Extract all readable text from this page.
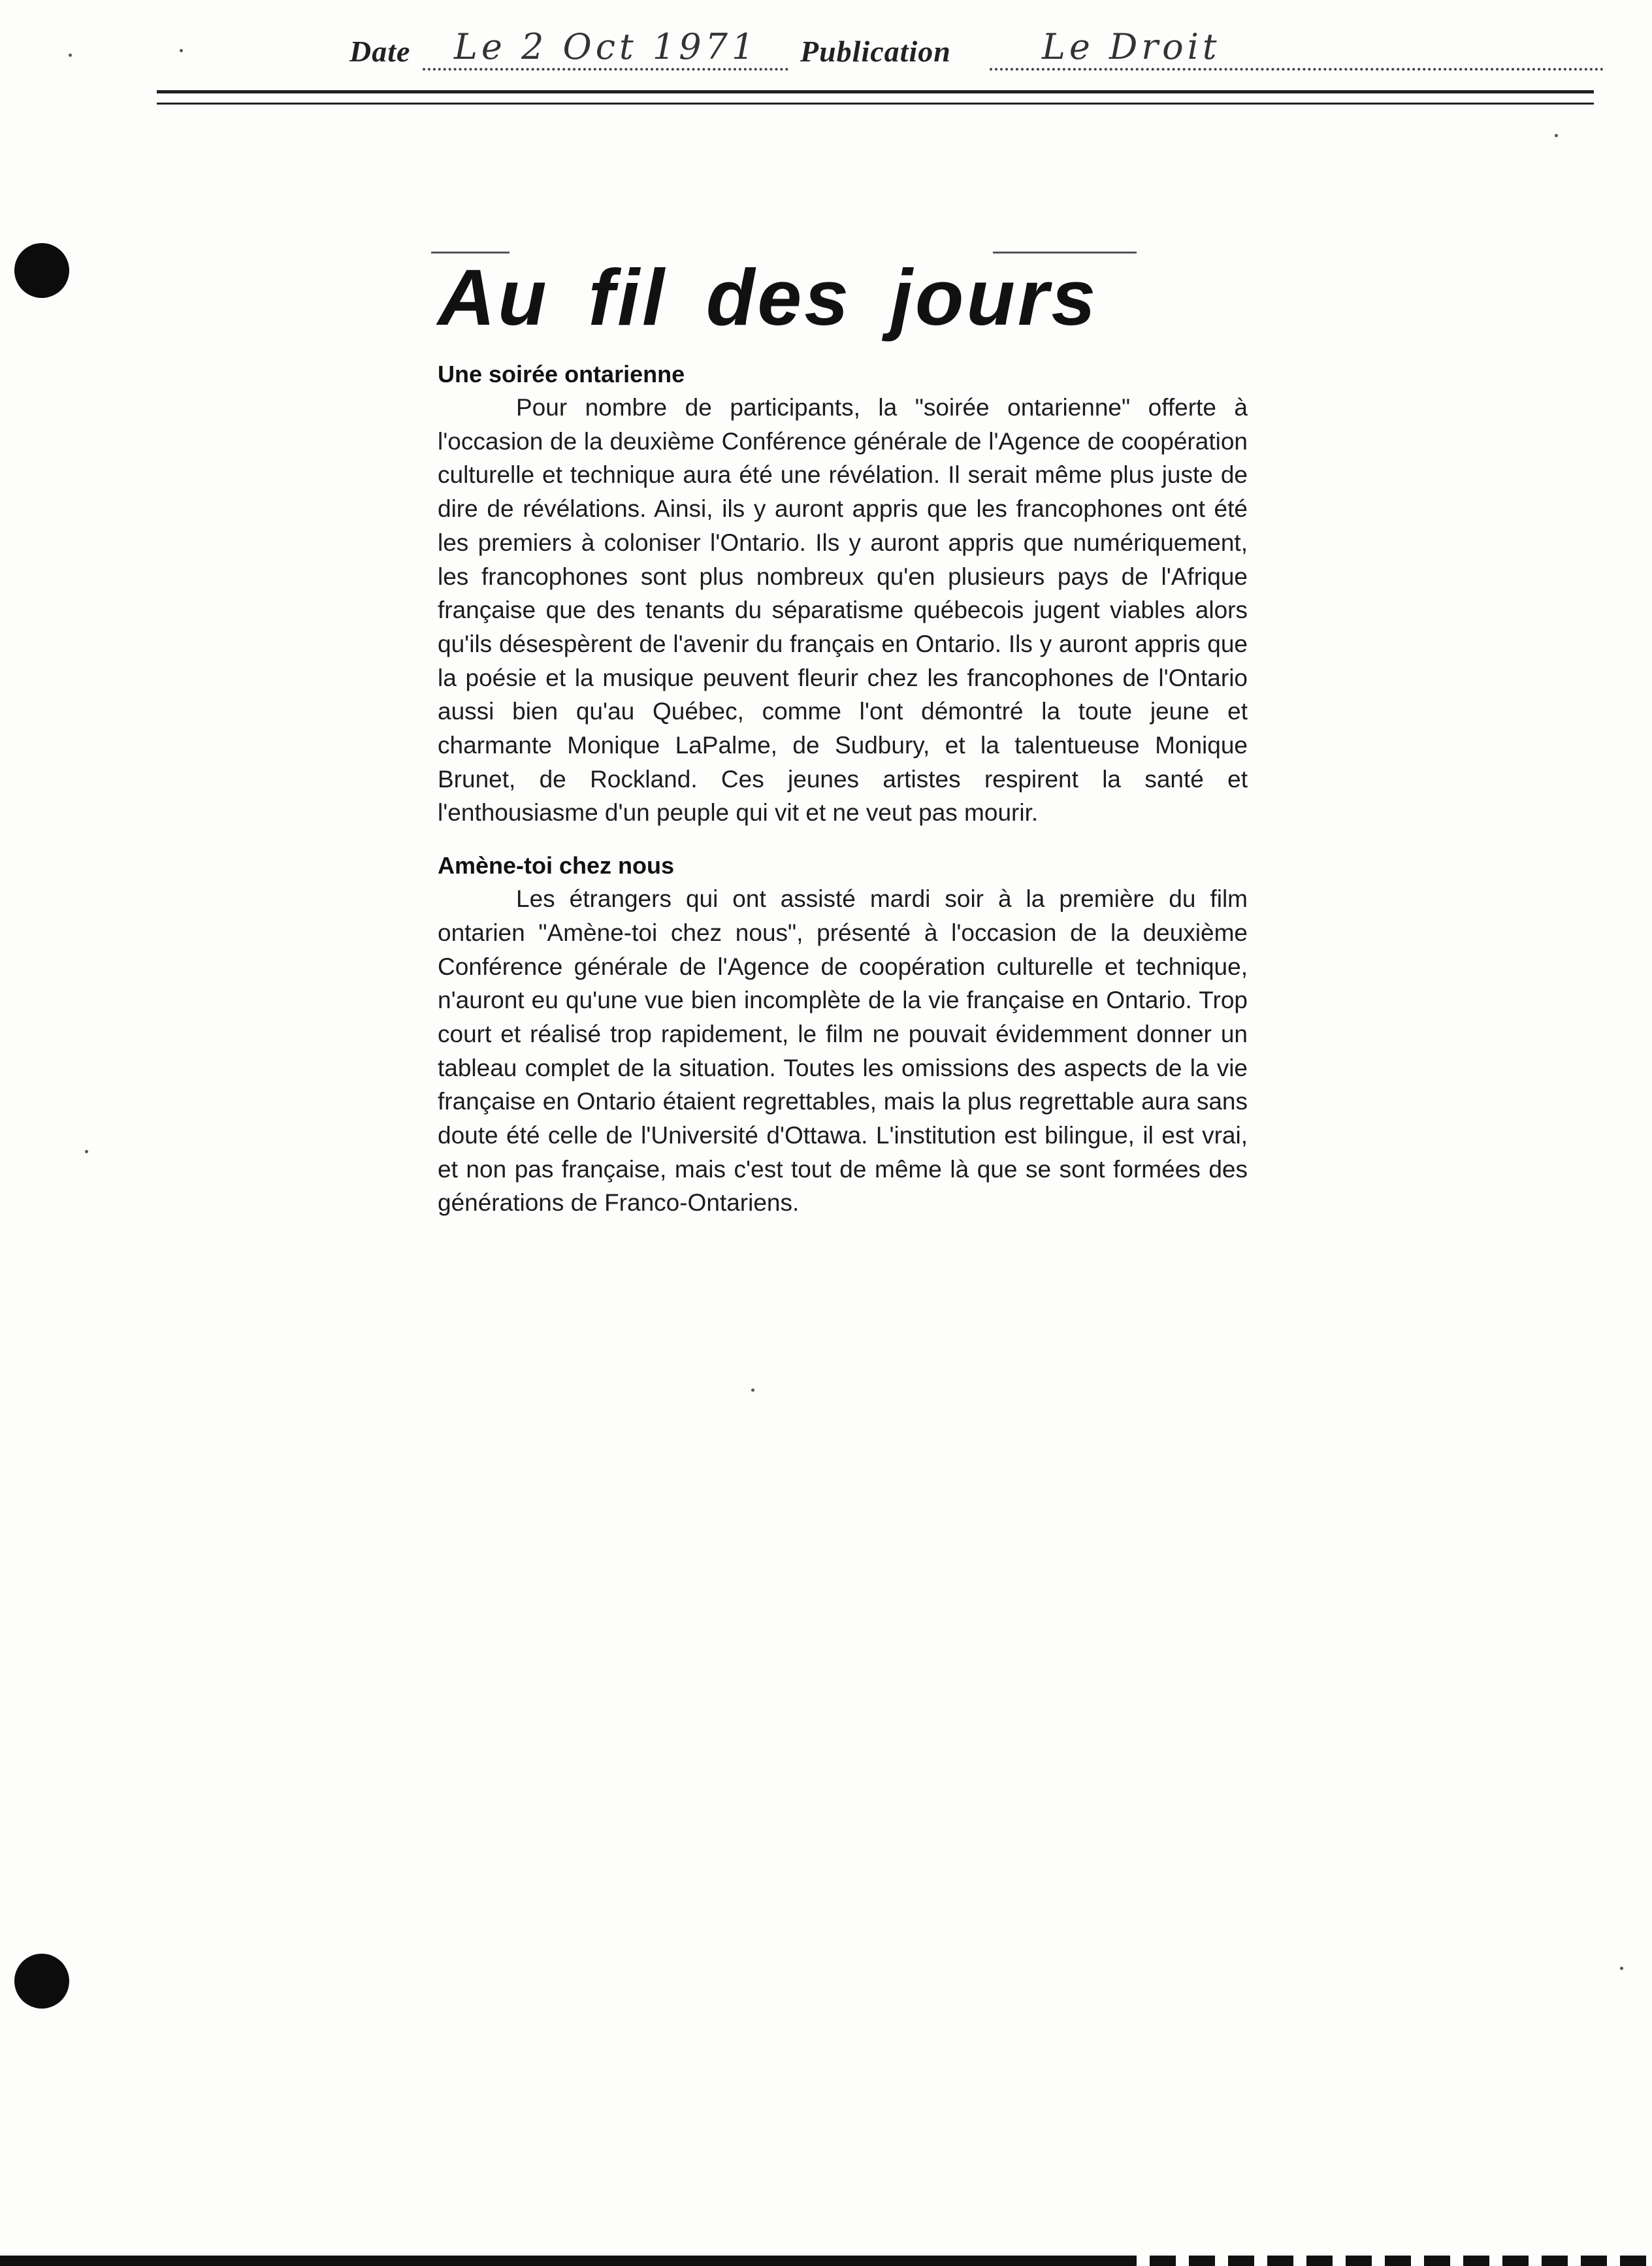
Date Le 2 Oct 1971 Publication	Le Droit
Au fil des jours
Une soirée ontarienne

Pour nombre de participants, la "soirée ontarienne" offerte à l'occasion de la deuxième Conférence générale de l'Agence de coopération culturelle et technique aura été une révélation. Il serait même plus juste de dire de révélations. Ainsi, ils y auront appris que les francophones ont été les premiers à coloniser l'Ontario. Ils y auront appris que numériquement, les francophones sont plus nombreux qu'en plusieurs pays de l'Afrique française que des tenants du séparatisme québecois jugent viables alors qu'ils désespèrent de l'avenir du français en Ontario. Ils y auront appris que la poésie et la musique peuvent fleurir chez les francophones de l'Ontario aussi bien qu'au Québec, comme l'ont démontré la toute jeune et charmante Monique LaPalme, de Sudbury, et la talentueuse Monique Brunet, de Rockland. Ces jeunes artistes respirent la santé et l'enthousiasme d'un peuple qui vit et ne veut pas mourir.

Amène-toi chez nous

Les étrangers qui ont assisté mardi soir à la première du film ontarien "Amène-toi chez nous", présenté à l'occasion de la deuxième Conférence générale de l'Agence de coopération culturelle et technique, n'auront eu qu'une vue bien incomplète de la vie française en Ontario. Trop court et réalisé trop rapidement, le film ne pouvait évidemment donner un tableau complet de la situation. Toutes les omissions des aspects de la vie française en Ontario étaient regrettables, mais la plus regrettable aura sans doute été celle de l'Université d'Ottawa. L'institution est bilingue, il est vrai, et non pas française, mais c'est tout de même là que se sont formées des générations de Franco-Ontariens.
